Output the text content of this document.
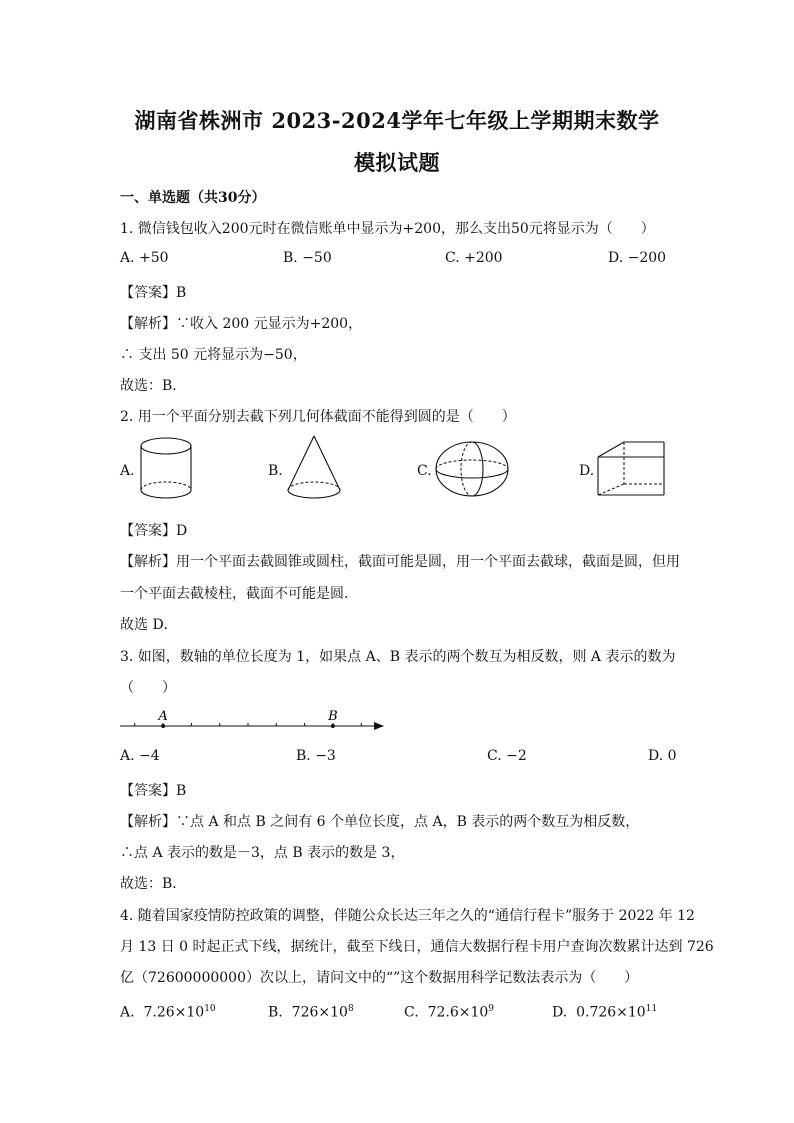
湖南省株洲市 2023-2024学年七年级上学期期末数学
模拟试题
一、单选题（共30分）
1. 微信钱包收入200元时在微信账单中显示为+200，那么支出50元将显示为（　　）
A. +50	B. −50	C. +200	D. −200
【答案】B
【解析】∵收入 200 元显示为+200，
∴ 支出 50 元将显示为−50，
故选：B．
2. 用一个平面分别去截下列几何体截面不能得到圆的是（　　）
A.	B.	C.	D.
【答案】D
【解析】用一个平面去截圆锥或圆柱，截面可能是圆，用一个平面去截球，截面是圆，但用
一个平面去截棱柱，截面不可能是圆．
故选 D．
3. 如图，数轴的单位长度为 1，如果点 A、B 表示的两个数互为相反数，则 A 表示的数为
（　　）
A	B
A. −4	B. −3	C. −2	D. 0
【答案】B
【解析】∵点 A 和点 B 之间有 6 个单位长度，点 A，B 表示的两个数互为相反数，
∴点 A 表示的数是－3，点 B 表示的数是 3，
故选：B．
4. 随着国家疫情防控政策的调整，伴随公众长达三年之久的“通信行程卡”服务于 2022 年 12
月 13 日 0 时起正式下线，据统计，截至下线日，通信大数据行程卡用户查询次数累计达到 726
亿（72600000000）次以上，请问文中的“”这个数据用科学记数法表示为（　　）
A. $7.26\times 10^{10}$	B. $726\times 10^8$	C. $72.6\times 10^9$	D. $0.726\times 10^{11}$
